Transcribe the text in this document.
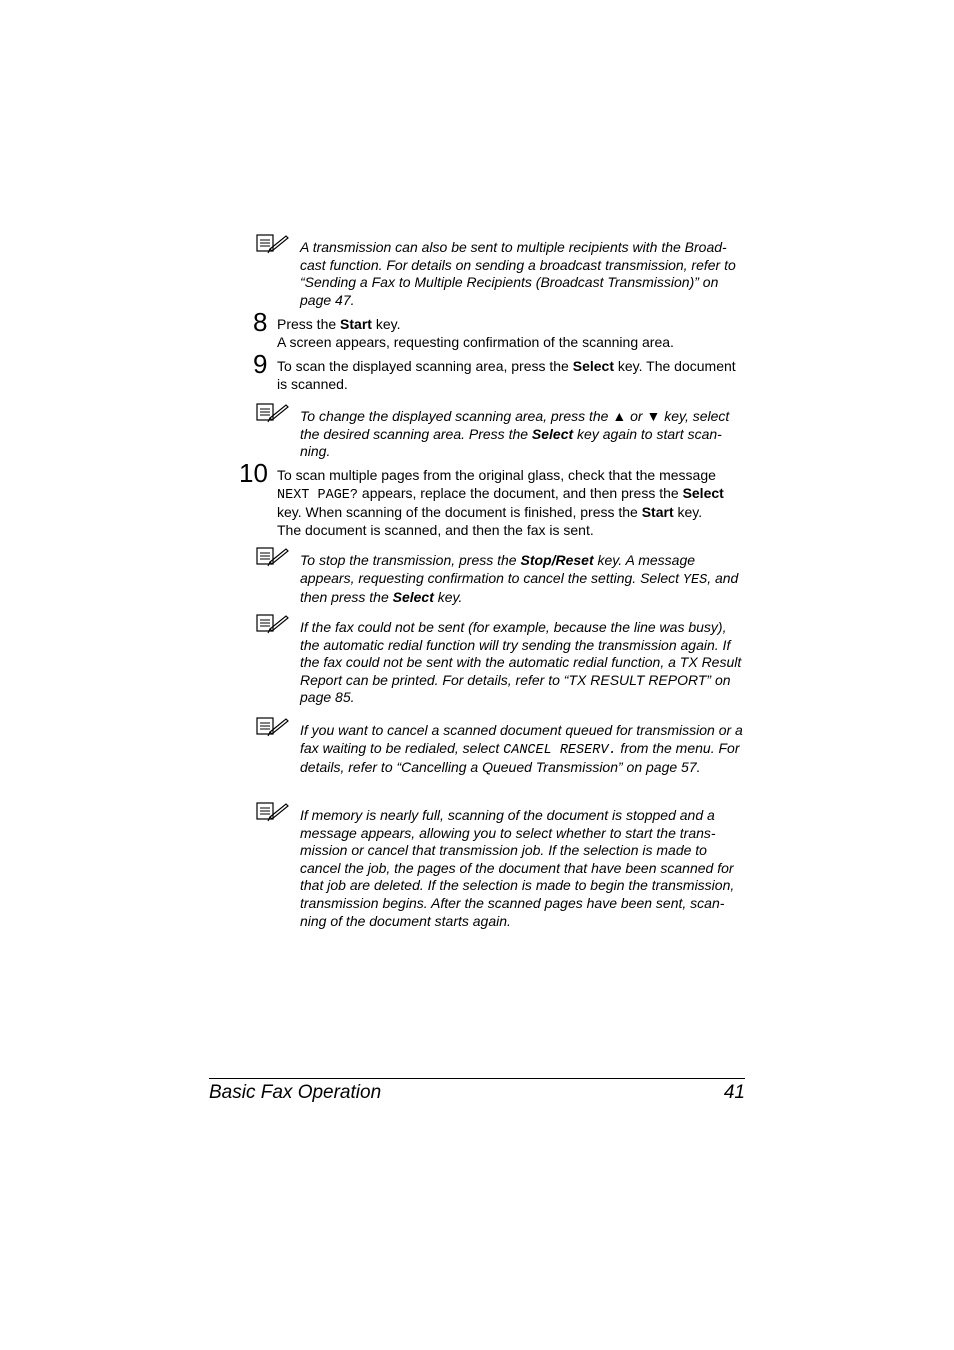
A transmission can also be sent to multiple recipients with the Broad-cast function. For details on sending a broadcast transmission, refer to “Sending a Fax to Multiple Recipients (Broadcast Transmission)” on page 47.
8 Press the Start key.
A screen appears, requesting confirmation of the scanning area.
9 To scan the displayed scanning area, press the Select key. The document is scanned.
To change the displayed scanning area, press the ▲ or ▼ key, select the desired scanning area. Press the Select key again to start scan-ning.
10 To scan multiple pages from the original glass, check that the message NEXT PAGE? appears, replace the document, and then press the Select key. When scanning of the document is finished, press the Start key.
The document is scanned, and then the fax is sent.
To stop the transmission, press the Stop/Reset key. A message appears, requesting confirmation to cancel the setting. Select YES, and then press the Select key.
If the fax could not be sent (for example, because the line was busy), the automatic redial function will try sending the transmission again. If the fax could not be sent with the automatic redial function, a TX Result Report can be printed. For details, refer to “TX RESULT REPORT” on page 85.
If you want to cancel a scanned document queued for transmission or a fax waiting to be redialed, select CANCEL RESERV. from the menu. For details, refer to “Cancelling a Queued Transmission” on page 57.
If memory is nearly full, scanning of the document is stopped and a message appears, allowing you to select whether to start the trans-mission or cancel that transmission job. If the selection is made to cancel the job, the pages of the document that have been scanned for that job are deleted. If the selection is made to begin the transmission, transmission begins. After the scanned pages have been sent, scan-ning of the document starts again.
Basic Fax Operation	41
